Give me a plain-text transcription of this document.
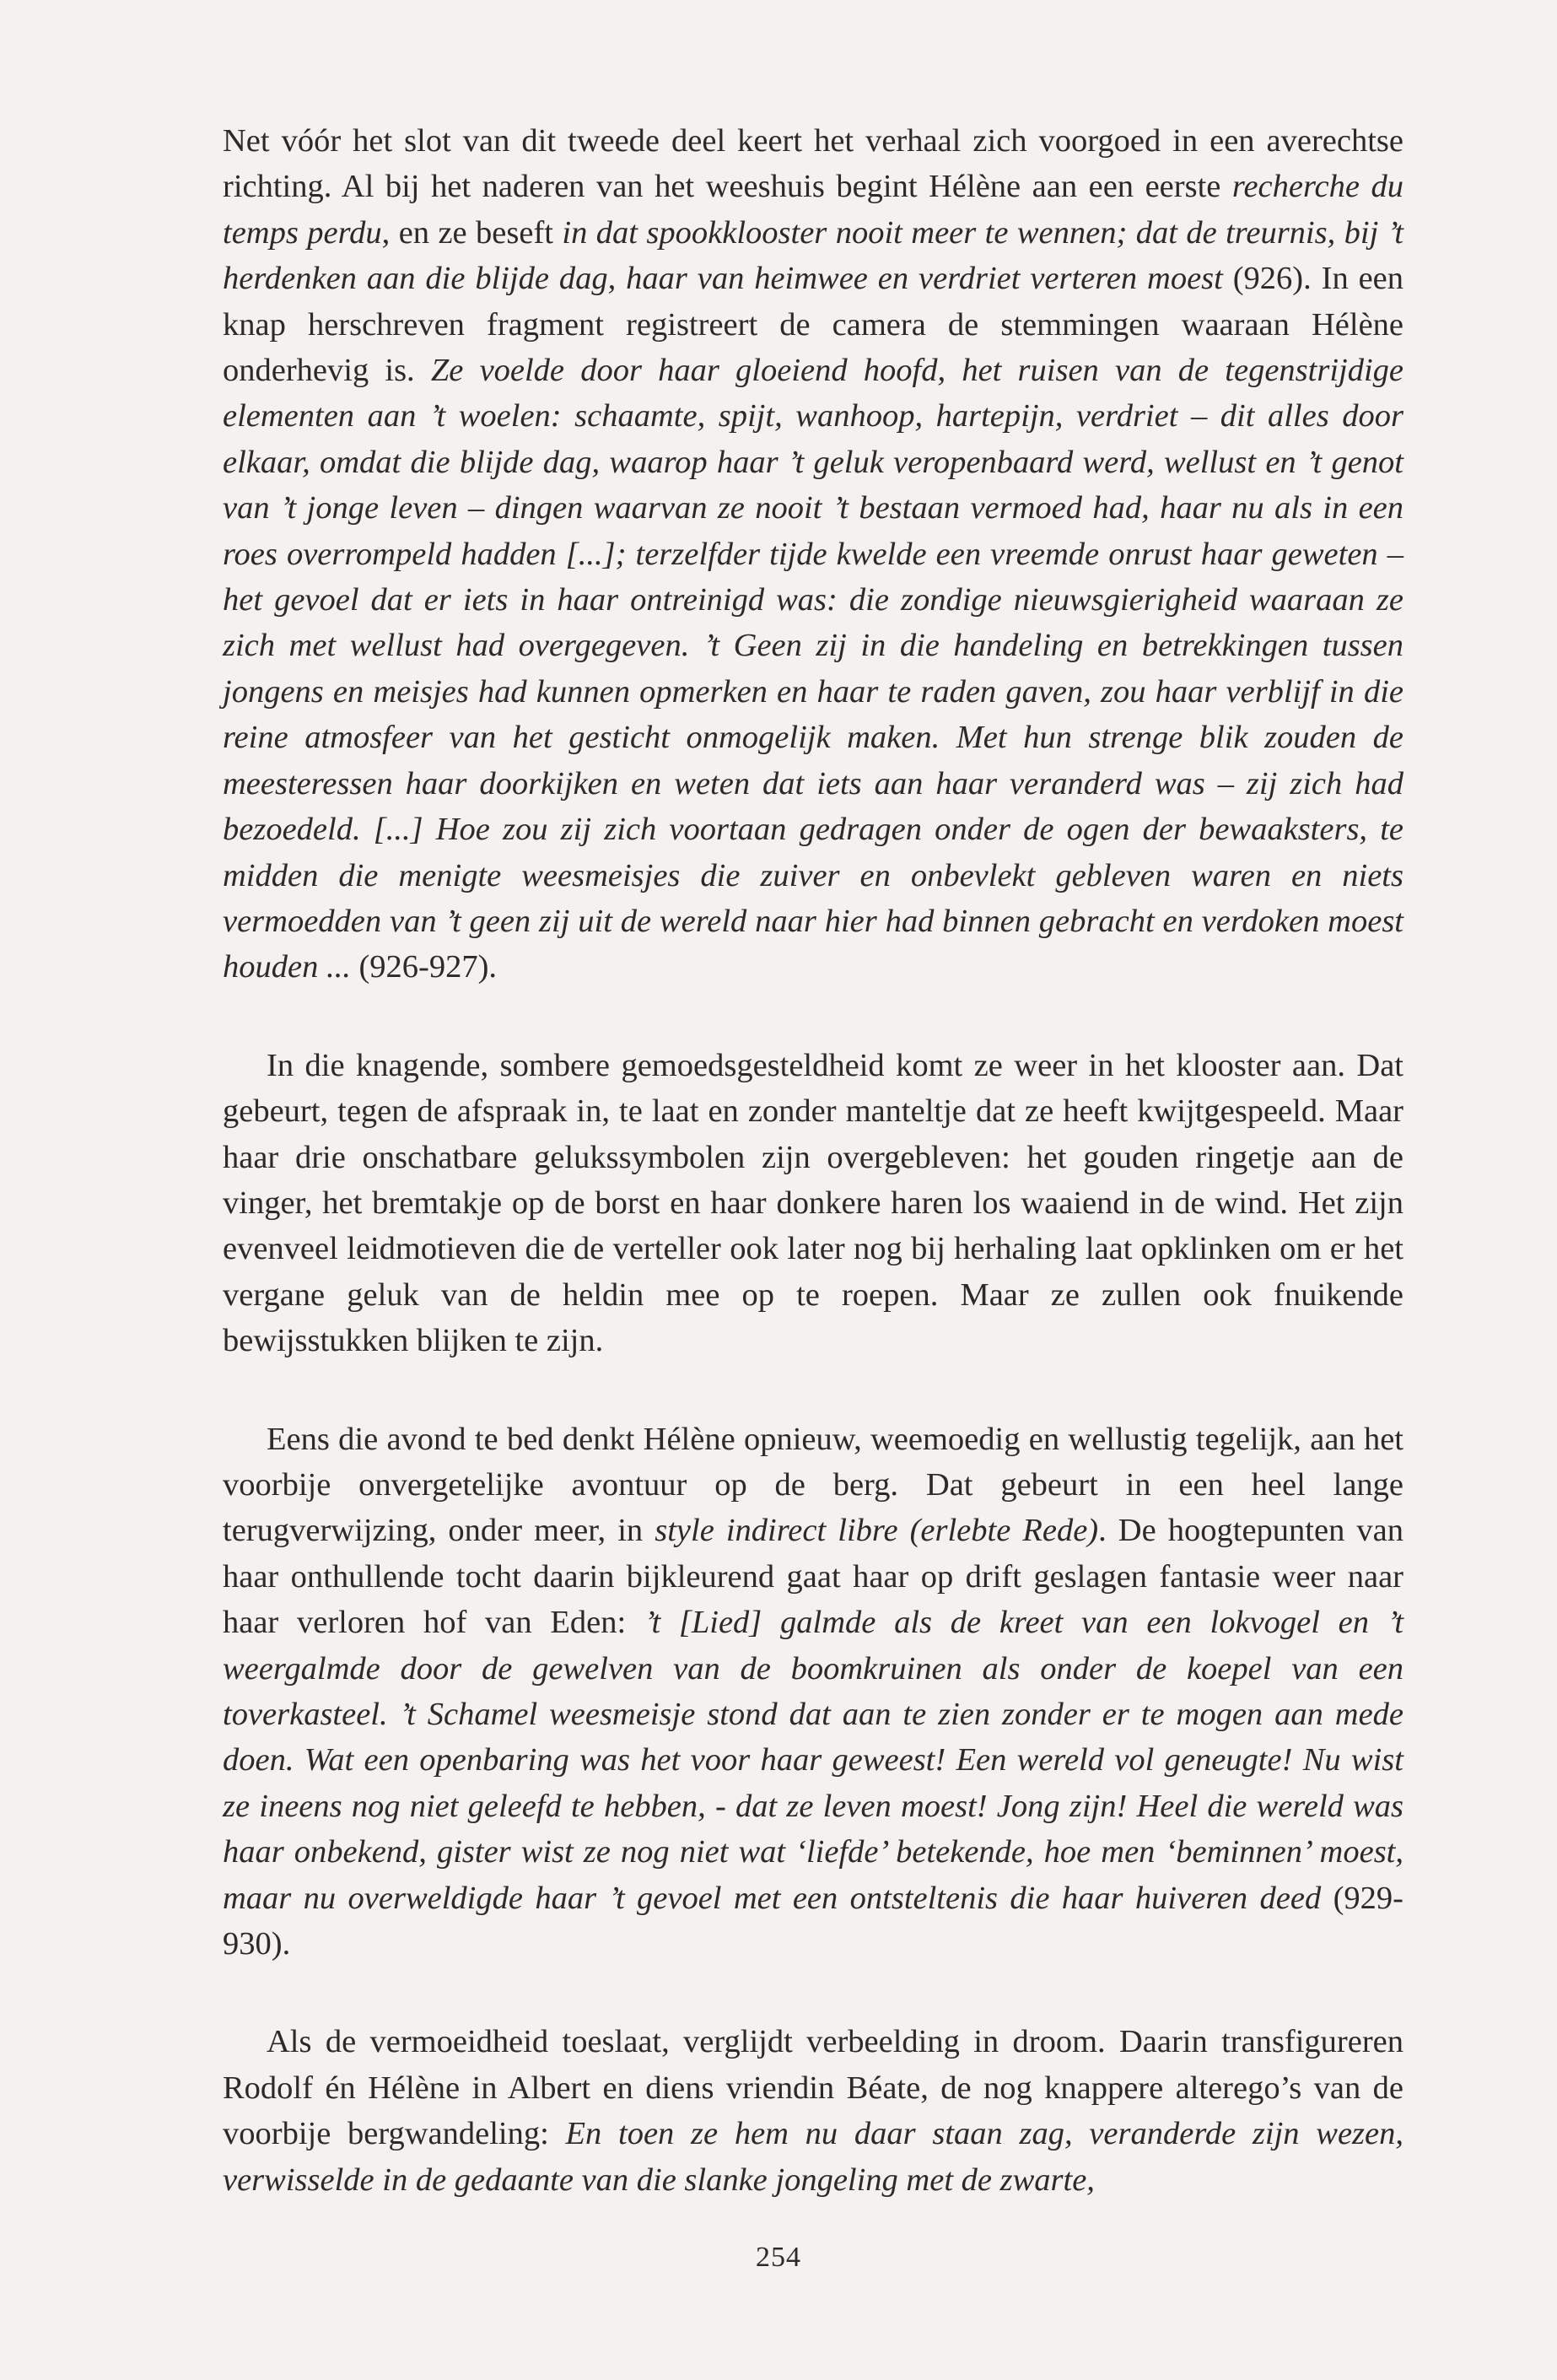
Net vóór het slot van dit tweede deel keert het verhaal zich voorgoed in een averechtse richting. Al bij het naderen van het weeshuis begint Hélène aan een eerste recherche du temps perdu, en ze beseft in dat spookklooster nooit meer te wennen; dat de treurnis, bij ’t herdenken aan die blijde dag, haar van heimwee en verdriet verteren moest (926). In een knap herschreven fragment registreert de camera de stemmingen waaraan Hélène onderhevig is. Ze voelde door haar gloeiend hoofd, het ruisen van de tegenstrijdige elementen aan ’t woelen: schaamte, spijt, wanhoop, hartepijn, verdriet – dit alles door elkaar, omdat die blijde dag, waarop haar ’t geluk veropenbaard werd, wellust en ’t genot van ’t jonge leven – dingen waarvan ze nooit ’t bestaan vermoed had, haar nu als in een roes overrompeld hadden [...]; terzelfder tijde kwelde een vreemde onrust haar geweten – het gevoel dat er iets in haar ontreinigd was: die zondige nieuwsgierigheid waaraan ze zich met wellust had overgegeven. ’t Geen zij in die handeling en betrekkingen tussen jongens en meisjes had kunnen opmerken en haar te raden gaven, zou haar verblijf in die reine atmosfeer van het gesticht onmogelijk maken. Met hun strenge blik zouden de meesteressen haar doorkijken en weten dat iets aan haar veranderd was – zij zich had bezoedeld. [...] Hoe zou zij zich voortaan gedragen onder de ogen der bewaaksters, te midden die menigte weesmeisjes die zuiver en onbevlekt gebleven waren en niets vermoedden van ’t geen zij uit de wereld naar hier had binnen gebracht en verdoken moest houden ... (926-927).

In die knagende, sombere gemoedsgesteldheid komt ze weer in het klooster aan. Dat gebeurt, tegen de afspraak in, te laat en zonder manteltje dat ze heeft kwijtgespeeld. Maar haar drie onschatbare gelukssymbolen zijn overgebleven: het gouden ringetje aan de vinger, het bremtakje op de borst en haar donkere haren los waaiend in de wind. Het zijn evenveel leidmotieven die de verteller ook later nog bij herhaling laat opklinken om er het vergane geluk van de heldin mee op te roepen. Maar ze zullen ook fnuikende bewijsstukken blijken te zijn.

Eens die avond te bed denkt Hélène opnieuw, weemoedig en wellustig tegelijk, aan het voorbije onvergetelijke avontuur op de berg. Dat gebeurt in een heel lange terugverwijzing, onder meer, in style indirect libre (erlebte Rede). De hoogtepunten van haar onthullende tocht daarin bijkleurend gaat haar op drift geslagen fantasie weer naar haar verloren hof van Eden: ’t [Lied] galmde als de kreet van een lokvogel en ’t weergalmde door de gewelven van de boomkruinen als onder de koepel van een toverkasteel. ’t Schamel weesmeisje stond dat aan te zien zonder er te mogen aan mede doen. Wat een openbaring was het voor haar geweest! Een wereld vol geneugte! Nu wist ze ineens nog niet geleefd te hebben, - dat ze leven moest! Jong zijn! Heel die wereld was haar onbekend, gister wist ze nog niet wat ‘liefde’ betekende, hoe men ‘beminnen’ moest, maar nu overweldigde haar ’t gevoel met een ontsteltenis die haar huiveren deed (929-930).

Als de vermoeidheid toeslaat, verglijdt verbeelding in droom. Daarin transfigureren Rodolf én Hélène in Albert en diens vriendin Béate, de nog knappere alterego’s van de voorbije bergwandeling: En toen ze hem nu daar staan zag, veranderde zijn wezen, verwisselde in de gedaante van die slanke jongeling met de zwarte,

254
